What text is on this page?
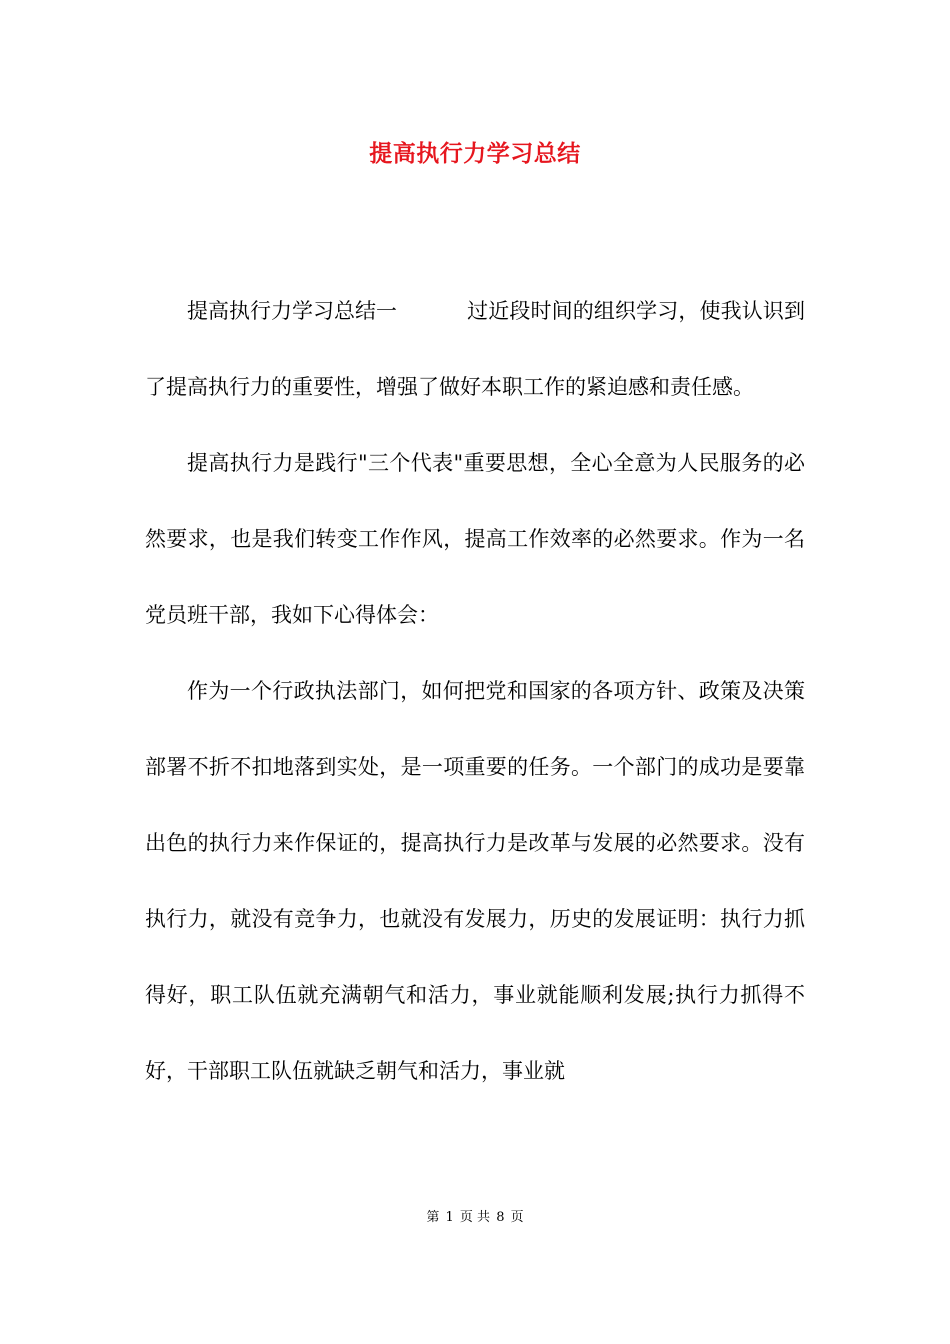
提高执行力学习总结

提高执行力学习总结一	过近段时间的组织学习，使我认识到了提高执行力的重要性，增强了做好本职工作的紧迫感和责任感。

提高执行力是践行"三个代表"重要思想，全心全意为人民服务的必然要求，也是我们转变工作作风，提高工作效率的必然要求。作为一名党员班干部，我如下心得体会：

作为一个行政执法部门，如何把党和国家的各项方针、政策及决策部署不折不扣地落到实处，是一项重要的任务。一个部门的成功是要靠出色的执行力来作保证的，提高执行力是改革与发展的必然要求。没有执行力，就没有竞争力，也就没有发展力，历史的发展证明：执行力抓得好，职工队伍就充满朝气和活力，事业就能顺利发展;执行力抓得不好，干部职工队伍就缺乏朝气和活力，事业就

第 1 页 共 8 页
